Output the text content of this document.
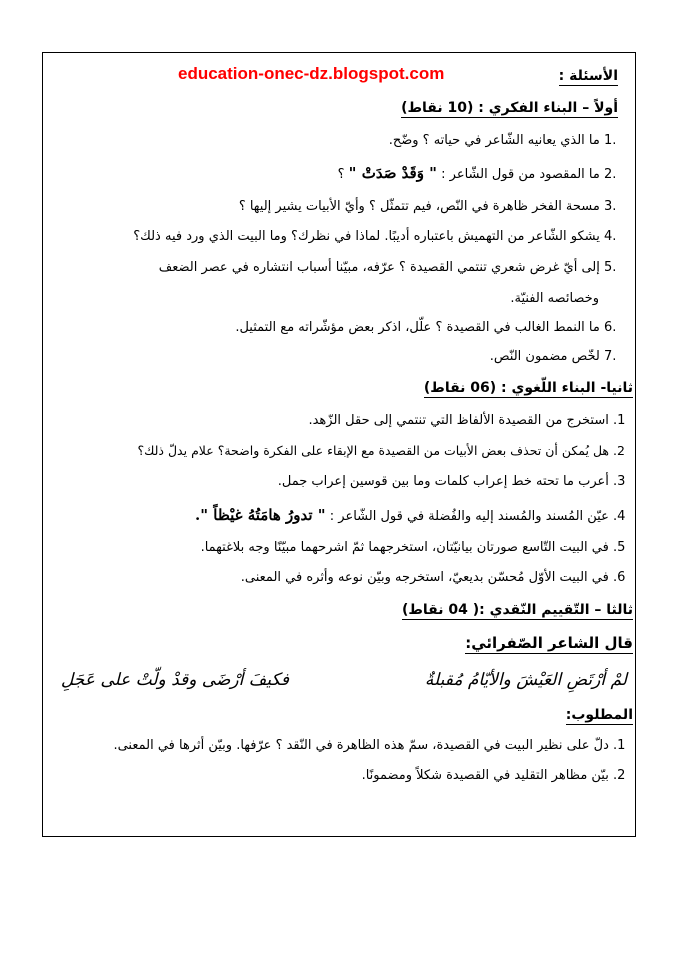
education-onec-dz.blogspot.com	الأسئلة :
أولاً – البناء الفكري : (10 نقاط)
1. ما الذي يعانيه الشّاعر في حياته ؟ وضّح.
2. ما المقصود من قول الشّاعر : " وَقَدْ صَدَتْ " ؟
3. مسحة الفخر ظاهرة في النّص، فيم تتمثّل ؟ وأيّ الأبيات يشير إليها ؟
4. يشكو الشّاعر من التهميش باعتباره أديبًا. لماذا في نظرك؟ وما البيت الذي ورد فيه ذلك؟
5. إلى أيّ غرض شعري تنتمي القصيدة ؟ عرّفه، مبيّنا أسباب انتشاره في عصر الضعف
وخصائصه الفنيّة.
6. ما النمط الغالب في القصيدة ؟ علّل، اذكر بعض مؤشّراته مع التمثيل.
7. لخّص مضمون النّص.
ثانيا- البناء اللّغوي : (06 نقاط)
.1 استخرج من القصيدة الألفاظ التي تنتمي إلى حقل الزّهد.
.2 هل يُمكن أن تحذف بعض الأبيات من القصيدة مع الإبقاء على الفكرة واضحة؟ علام يدلّ ذلك؟
.3 أعرب ما تحته خط إعراب كلمات وما بين قوسين إعراب جمل.
.4 عيّن المُسند والمُسند إليه والفُضلة في قول الشّاعر : " تدورُ هامَتُهُ غيْظاً ".
.5 في البيت التّاسع صورتان بيانيّتان، استخرجهما ثمّ اشرحهما مبيّنًا وجه بلاغتهما.
.6 في البيت الأوّل مُحسّن بديعيّ، استخرجه وبيّن نوعه وأثره في المعنى.
ثالثا – التّقييم النّقدي :( 04 نقاط)
قال الشاعر الصّفرائي:
لمْ أرْتَضِ العَيْشَ والأيّامُ مُقبلةٌ
فكيفَ أرْضَى وقدْ ولّتْ على عَجَلِ
المطلوب:
.1 دلّ على نظير البيت في القصيدة، سمّ هذه الظاهرة في النّقد ؟ عرّفها. وبيّن أثرها في المعنى.
.2 بيّن مظاهر التقليد في القصيدة شكلاً ومضمونًا.
